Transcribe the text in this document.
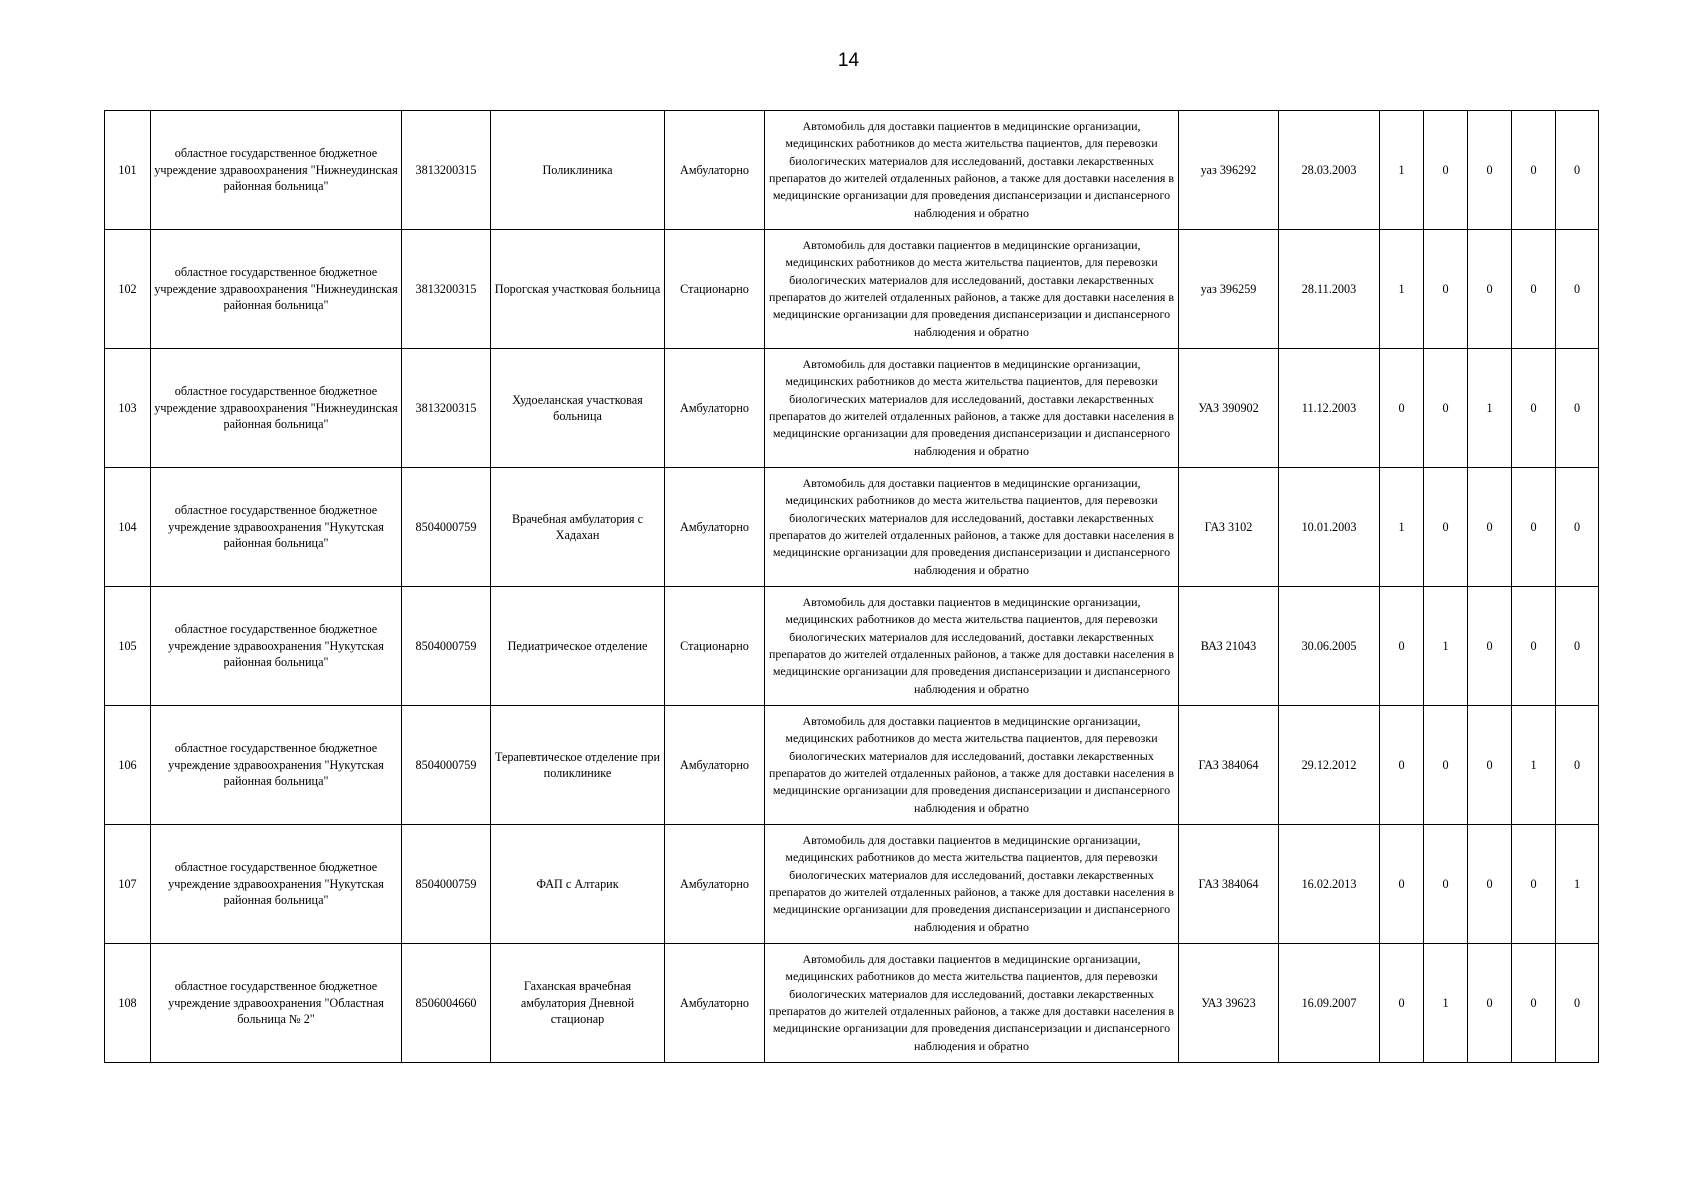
14
101	областное государственное бюджетное учреждение здравоохранения "Нижнеудинская районная больница"	3813200315	Поликлиника	Амбулаторно	Автомобиль для доставки пациентов в медицинские организации, медицинских работников до места жительства пациентов, для перевозки биологических материалов для исследований, доставки лекарственных препаратов до жителей отдаленных районов, а также для доставки населения в медицинские организации для проведения диспансеризации и диспансерного наблюдения и обратно	уаз 396292	28.03.2003	1	0	0	0	0
102	областное государственное бюджетное учреждение здравоохранения "Нижнеудинская районная больница"	3813200315	Порогская участковая больница	Стационарно	Автомобиль для доставки пациентов в медицинские организации, медицинских работников до места жительства пациентов, для перевозки биологических материалов для исследований, доставки лекарственных препаратов до жителей отдаленных районов, а также для доставки населения в медицинские организации для проведения диспансеризации и диспансерного наблюдения и обратно	уаз 396259	28.11.2003	1	0	0	0	0
103	областное государственное бюджетное учреждение здравоохранения "Нижнеудинская районная больница"	3813200315	Худоеланская участковая больница	Амбулаторно	Автомобиль для доставки пациентов в медицинские организации, медицинских работников до места жительства пациентов, для перевозки биологических материалов для исследований, доставки лекарственных препаратов до жителей отдаленных районов, а также для доставки населения в медицинские организации для проведения диспансеризации и диспансерного наблюдения и обратно	УАЗ 390902	11.12.2003	0	0	1	0	0
104	областное государственное бюджетное учреждение здравоохранения "Нукутская районная больница"	8504000759	Врачебная амбулатория с Хадахан	Амбулаторно	Автомобиль для доставки пациентов в медицинские организации, медицинских работников до места жительства пациентов, для перевозки биологических материалов для исследований, доставки лекарственных препаратов до жителей отдаленных районов, а также для доставки населения в медицинские организации для проведения диспансеризации и диспансерного наблюдения и обратно	ГАЗ 3102	10.01.2003	1	0	0	0	0
105	областное государственное бюджетное учреждение здравоохранения "Нукутская районная больница"	8504000759	Педиатрическое отделение	Стационарно	Автомобиль для доставки пациентов в медицинские организации, медицинских работников до места жительства пациентов, для перевозки биологических материалов для исследований, доставки лекарственных препаратов до жителей отдаленных районов, а также для доставки населения в медицинские организации для проведения диспансеризации и диспансерного наблюдения и обратно	ВАЗ 21043	30.06.2005	0	1	0	0	0
106	областное государственное бюджетное учреждение здравоохранения "Нукутская районная больница"	8504000759	Терапевтическое отделение при поликлинике	Амбулаторно	Автомобиль для доставки пациентов в медицинские организации, медицинских работников до места жительства пациентов, для перевозки биологических материалов для исследований, доставки лекарственных препаратов до жителей отдаленных районов, а также для доставки населения в медицинские организации для проведения диспансеризации и диспансерного наблюдения и обратно	ГАЗ 384064	29.12.2012	0	0	0	1	0
107	областное государственное бюджетное учреждение здравоохранения "Нукутская районная больница"	8504000759	ФАП с Алтарик	Амбулаторно	Автомобиль для доставки пациентов в медицинские организации, медицинских работников до места жительства пациентов, для перевозки биологических материалов для исследований, доставки лекарственных препаратов до жителей отдаленных районов, а также для доставки населения в медицинские организации для проведения диспансеризации и диспансерного наблюдения и обратно	ГАЗ 384064	16.02.2013	0	0	0	0	1
108	областное государственное бюджетное учреждение здравоохранения "Областная больница № 2"	8506004660	Гаханская врачебная амбулатория Дневной стационар	Амбулаторно	Автомобиль для доставки пациентов в медицинские организации, медицинских работников до места жительства пациентов, для перевозки биологических материалов для исследований, доставки лекарственных препаратов до жителей отдаленных районов, а также для доставки населения в медицинские организации для проведения диспансеризации и диспансерного наблюдения и обратно	УАЗ 39623	16.09.2007	0	1	0	0	0
